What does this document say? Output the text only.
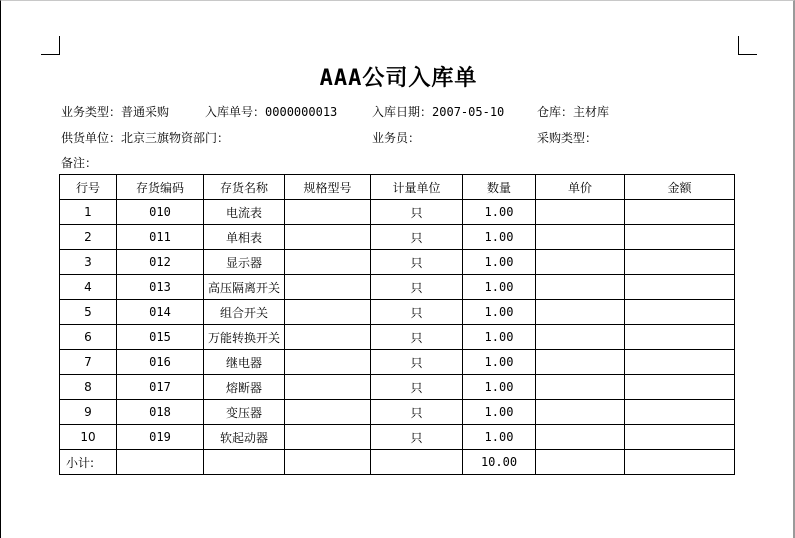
AAA公司入库单
业务类型：普通采购	入库单号：0000000013	入库日期：2007-05-10	仓库：主材库
供货单位：北京三旗物资部门：	业务员：	采购类型：
备注：
行号	存货编码	存货名称	规格型号	计量单位	数量	单价	金额
1	010	电流表		只	1.00		
2	011	单相表		只	1.00		
3	012	显示器		只	1.00		
4	013	高压隔离开关		只	1.00		
5	014	组合开关		只	1.00		
6	015	万能转换开关		只	1.00		
7	016	继电器		只	1.00		
8	017	熔断器		只	1.00		
9	018	变压器		只	1.00		
10	019	软起动器		只	1.00		
小计:					10.00		
